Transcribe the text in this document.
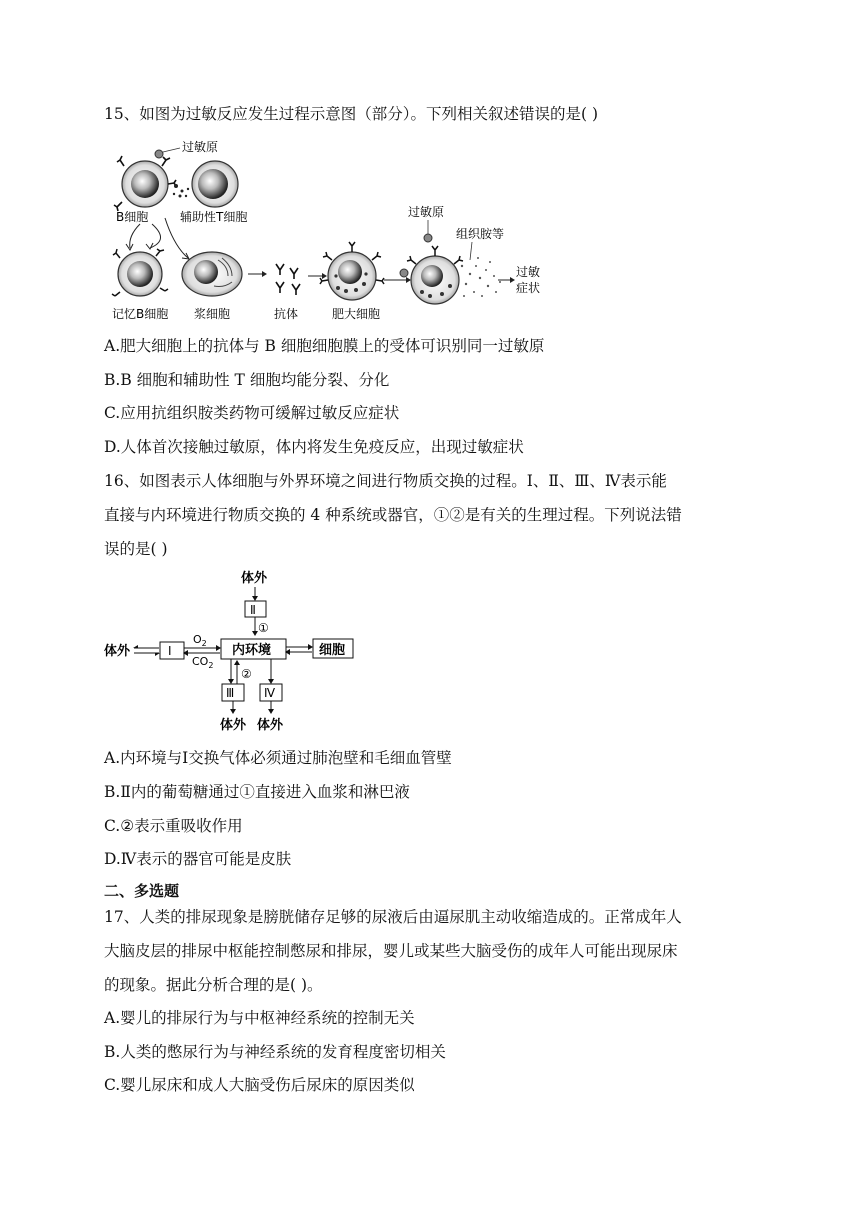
15、如图为过敏反应发生过程示意图（部分）。下列相关叙述错误的是( )
过敏原
B细胞	辅助性T细胞
记忆B细胞 浆细胞	抗体	肥大细胞
过敏原
组织胺等
过敏
症状
A.肥大细胞上的抗体与 B 细胞细胞膜上的受体可识别同一过敏原
B.B 细胞和辅助性 T 细胞均能分裂、分化
C.应用抗组织胺类药物可缓解过敏反应症状
D.人体首次接触过敏原，体内将发生免疫反应，出现过敏症状
16、如图表示人体细胞与外界环境之间进行物质交换的过程。Ⅰ、Ⅱ、Ⅲ、Ⅳ表示能
直接与内环境进行物质交换的 4 种系统或器官，①②是有关的生理过程。下列说法错
误的是( )
体外
Ⅱ
①
体外	Ⅰ
$O_2$
$CO_2$
内环境	细胞
②
Ⅲ
体外
Ⅳ
体外
A.内环境与Ⅰ交换气体必须通过肺泡壁和毛细血管壁
B.Ⅱ内的葡萄糖通过①直接进入血浆和淋巴液
C.②表示重吸收作用
D.Ⅳ表示的器官可能是皮肤
二、多选题
17、人类的排尿现象是膀胱储存足够的尿液后由逼尿肌主动收缩造成的。正常成年人
大脑皮层的排尿中枢能控制憋尿和排尿，婴儿或某些大脑受伤的成年人可能出现尿床
的现象。据此分析合理的是( )。
A.婴儿的排尿行为与中枢神经系统的控制无关
B.人类的憋尿行为与神经系统的发育程度密切相关
C.婴儿尿床和成人大脑受伤后尿床的原因类似
